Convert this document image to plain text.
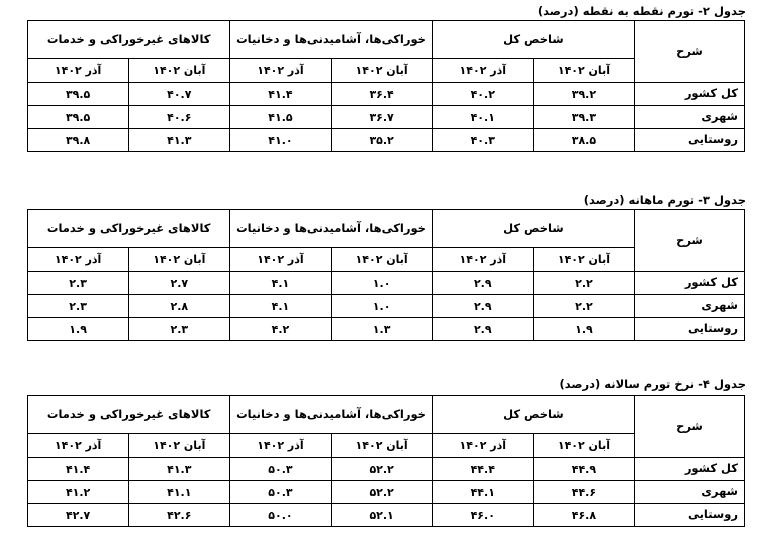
جدول ۲- تورم نقطه به نقطه (درصد)
شرح	شاخص کل		خوراکی‌ها، آشامیدنی‌ها و دخانیات		کالاهای غیرخوراکی و خدمات	
	آبان ۱۴۰۲	آذر ۱۴۰۲	آبان ۱۴۰۲	آذر ۱۴۰۲	آبان ۱۴۰۲	آذر ۱۴۰۲
کل کشور	۳۹.۲	۴۰.۲	۳۶.۴	۴۱.۴	۴۰.۷	۳۹.۵
شهری	۳۹.۳	۴۰.۱	۳۶.۷	۴۱.۵	۴۰.۶	۳۹.۵
روستایی	۳۸.۵	۴۰.۳	۳۵.۲	۴۱.۰	۴۱.۳	۳۹.۸
جدول ۳- تورم ماهانه (درصد)
شرح	شاخص کل		خوراکی‌ها، آشامیدنی‌ها و دخانیات		کالاهای غیرخوراکی و خدمات	
	آبان ۱۴۰۲	آذر ۱۴۰۲	آبان ۱۴۰۲	آذر ۱۴۰۲	آبان ۱۴۰۲	آذر ۱۴۰۲
کل کشور	۲.۲	۲.۹	۱.۰	۴.۱	۲.۷	۲.۳
شهری	۲.۲	۲.۹	۱.۰	۴.۱	۲.۸	۲.۳
روستایی	۱.۹	۲.۹	۱.۳	۴.۲	۲.۳	۱.۹
جدول ۴- نرخ تورم سالانه (درصد)
شرح	شاخص کل		خوراکی‌ها، آشامیدنی‌ها و دخانیات		کالاهای غیرخوراکی و خدمات	
	آبان ۱۴۰۲	آذر ۱۴۰۲	آبان ۱۴۰۲	آذر ۱۴۰۲	آبان ۱۴۰۲	آذر ۱۴۰۲
کل کشور	۴۴.۹	۴۴.۴	۵۲.۲	۵۰.۳	۴۱.۳	۴۱.۴
شهری	۴۴.۶	۴۴.۱	۵۲.۲	۵۰.۳	۴۱.۱	۴۱.۲
روستایی	۴۶.۸	۴۶.۰	۵۲.۱	۵۰.۰	۴۲.۶	۴۲.۷
